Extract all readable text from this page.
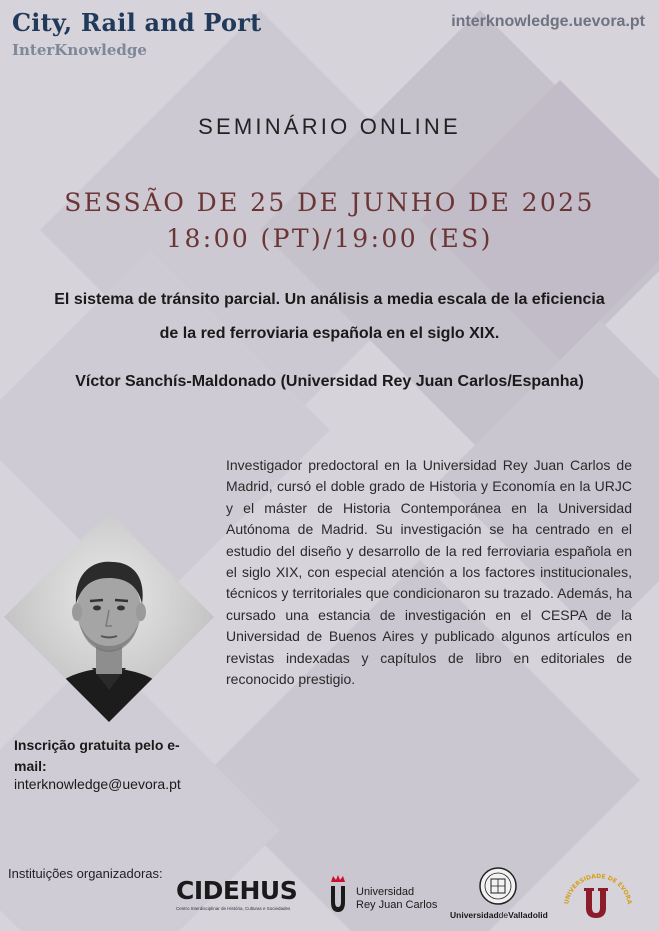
City, Rail and Port
InterKnowledge
interknowledge.uevora.pt
SEMINÁRIO ONLINE
SESSÃO DE 25 DE JUNHO DE 2025
18:00 (PT)/19:00 (ES)
El sistema de tránsito parcial. Un análisis a media escala de la eficiencia
de la red ferroviaria española en el siglo XIX.
Víctor Sanchís-Maldonado (Universidad Rey Juan Carlos/Espanha)
Investigador predoctoral en la Universidad Rey Juan Carlos de Madrid, cursó el doble grado de Historia y Economía en la URJC y el máster de Historia Contemporánea en la Universidad Autónoma de Madrid. Su investigación se ha centrado en el estudio del diseño y desarrollo de la red ferroviaria española en el siglo XIX, con especial atención a los factores institucionales, técnicos y territoriales que condicionaron su trazado. Además, ha cursado una estancia de investigación en el CESPA de la Universidad de Buenos Aires y publicado algunos artículos en revistas indexadas y capítulos de libro en editoriales de reconocido prestigio.
Inscrição gratuita pelo e-mail:
interknowledge@uevora.pt
Instituições organizadoras:
CIDEHUS
Centro Interdisciplinar de História, Culturas e Sociedades
Universidad
Rey Juan Carlos
UniversidaddeValladolid
UNIVERSIDADE DE ÉVORA
